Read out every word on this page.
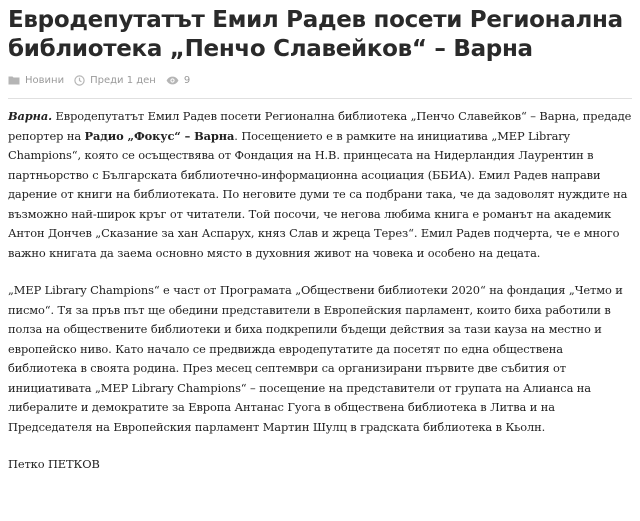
Евродепутатът Емил Радев посети Регионална библиотека „Пенчо Славейков“ – Варна
Новини	Преди 1 ден	9

Варна. Евродепутатът Емил Радев посети Регионална библиотека „Пенчо Славейков“ – Варна, предаде репортер на Радио „Фокус“ – Варна. Посещението е в рамките на инициатива „MEP Library Champions“, която се осъществява от Фондация на Н.В. принцесата на Нидерландия Лаурентин в партньорство с Българската библиотечно-информационна асоциация (ББИА). Емил Радев направи дарение от книги на библиотеката. По неговите думи те са подбрани така, че да задоволят нуждите на възможно най-широк кръг от читатели. Той посочи, че негова любима книга е романът на академик Антон Дончев „Сказание за хан Аспарух, княз Слав и жреца Терез“. Емил Радев подчерта, че е много важно книгата да заема основно място в духовния живот на човека и особено на децата.

„MEP Library Champions“ е част от Програмата „Обществени библиотеки 2020“ на фондация „Четмо и писмо“. Тя за пръв път ще обедини представители в Европейския парламент, които биха работили в полза на обществените библиотеки и биха подкрепили бъдещи действия за тази кауза на местно и европейско ниво. Като начало се предвижда евродепутатите да посетят по една обществена библиотека в своята родина. През месец септември са организирани първите две събития от инициативата „MEP Library Champions“ – посещение на представители от групата на Алианса на либералите и демократите за Европа Антанас Гуога в обществена библиотека в Литва и на Председателя на Европейския парламент Мартин Шулц в градската библиотека в Кьолн.

Петко ПЕТКОВ
